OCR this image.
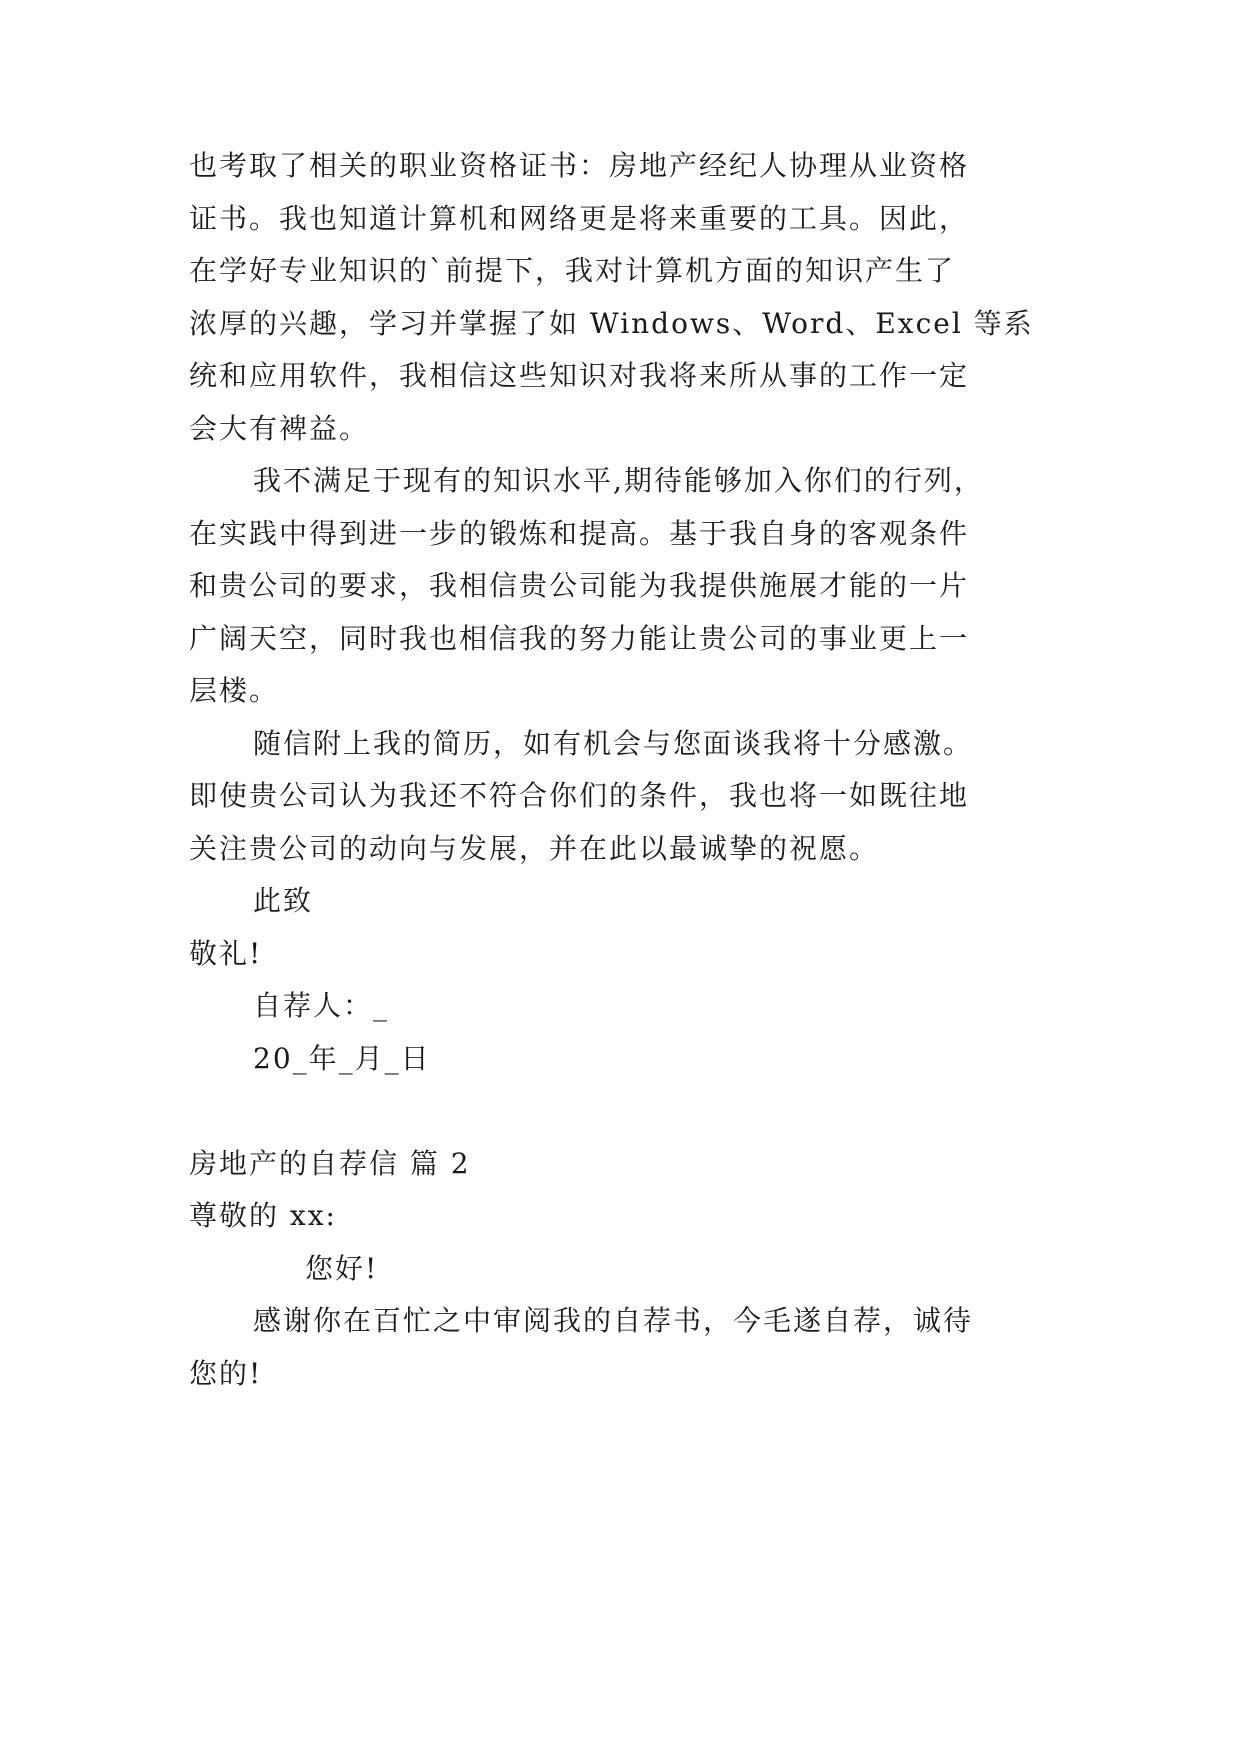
也考取了相关的职业资格证书：房地产经纪人协理从业资格

证书。我也知道计算机和网络更是将来重要的工具。因此，

在学好专业知识的`前提下，我对计算机方面的知识产生了

浓厚的兴趣，学习并掌握了如 Windows、Word、Excel 等系

统和应用软件，我相信这些知识对我将来所从事的工作一定

会大有裨益。

我不满足于现有的知识水平,期待能够加入你们的行列，

在实践中得到进一步的锻炼和提高。基于我自身的客观条件

和贵公司的要求，我相信贵公司能为我提供施展才能的一片

广阔天空，同时我也相信我的努力能让贵公司的事业更上一

层楼。

随信附上我的简历，如有机会与您面谈我将十分感激。

即使贵公司认为我还不符合你们的条件，我也将一如既往地

关注贵公司的动向与发展，并在此以最诚挚的祝愿。

此致

敬礼!

自荐人：_

20_年_月_日

房地产的自荐信 篇 2

尊敬的 xx:

您好!

感谢你在百忙之中审阅我的自荐书，今毛遂自荐，诚待

您的!
